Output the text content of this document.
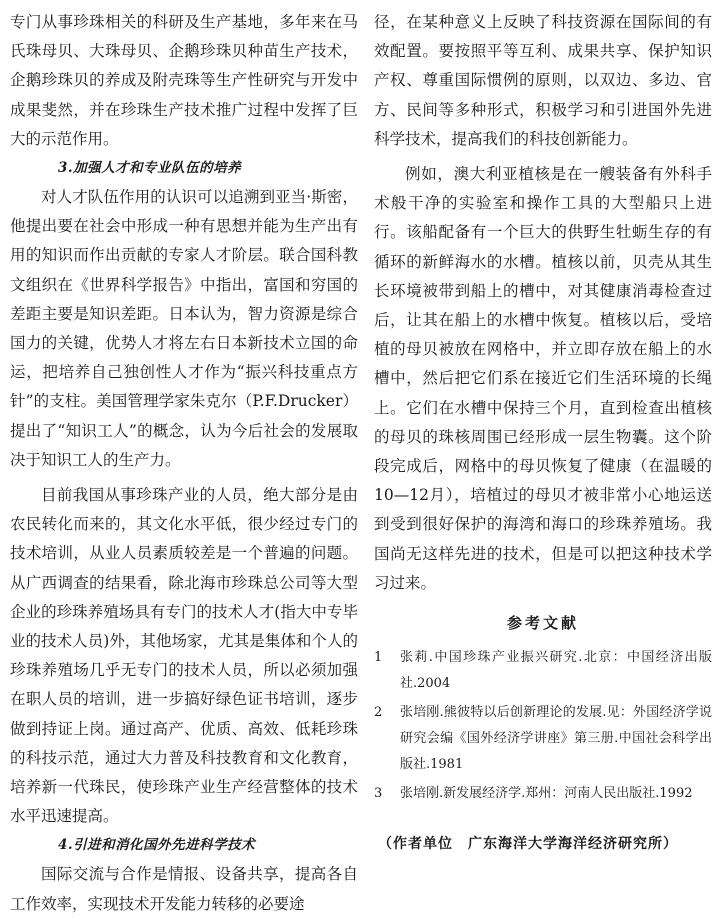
专门从事珍珠相关的科研及生产基地，多年来在马氏珠母贝、大珠母贝、企鹅珍珠贝种苗生产技术，企鹅珍珠贝的养成及附壳珠等生产性研究与开发中成果斐然，并在珍珠生产技术推广过程中发挥了巨大的示范作用。

3.加强人才和专业队伍的培养

对人才队伍作用的认识可以追溯到亚当·斯密，他提出要在社会中形成一种有思想并能为生产出有用的知识而作出贡献的专家人才阶层。联合国科教文组织在《世界科学报告》中指出，富国和穷国的差距主要是知识差距。日本认为，智力资源是综合国力的关键，优势人才将左右日本新技术立国的命运，把培养自己独创性人才作为“振兴科技重点方针”的支柱。美国管理学家朱克尔（P.F.Drucker）提出了“知识工人”的概念，认为今后社会的发展取决于知识工人的生产力。

目前我国从事珍珠产业的人员，绝大部分是由农民转化而来的，其文化水平低，很少经过专门的技术培训，从业人员素质较差是一个普遍的问题。从广西调查的结果看，除北海市珍珠总公司等大型企业的珍珠养殖场具有专门的技术人才(指大中专毕业的技术人员)外，其他场家，尤其是集体和个人的珍珠养殖场几乎无专门的技术人员，所以必须加强在职人员的培训，进一步搞好绿色证书培训，逐步做到持证上岗。通过高产、优质、高效、低耗珍珠的科技示范，通过大力普及科技教育和文化教育，培养新一代珠民，使珍珠产业生产经营整体的技术水平迅速提高。

4.引进和消化国外先进科学技术

国际交流与合作是情报、设备共享，提高各自工作效率，实现技术开发能力转移的必要途

径，在某种意义上反映了科技资源在国际间的有效配置。要按照平等互利、成果共享、保护知识产权、尊重国际惯例的原则，以双边、多边、官方、民间等多种形式，积极学习和引进国外先进科学技术，提高我们的科技创新能力。

例如，澳大利亚植核是在一艘装备有外科手术般干净的实验室和操作工具的大型船只上进行。该船配备有一个巨大的供野生牡蛎生存的有循环的新鲜海水的水槽。植核以前，贝壳从其生长环境被带到船上的槽中，对其健康消毒检查过后，让其在船上的水槽中恢复。植核以后，受培植的母贝被放在网格中，并立即存放在船上的水槽中，然后把它们系在接近它们生活环境的长绳上。它们在水槽中保持三个月，直到检查出植核的母贝的珠核周围已经形成一层生物囊。这个阶段完成后，网格中的母贝恢复了健康（在温暖的10—12月），培植过的母贝才被非常小心地运送到受到很好保护的海湾和海口的珍珠养殖场。我国尚无这样先进的技术，但是可以把这种技术学习过来。

参考文献
1	张莉.中国珍珠产业振兴研究.北京：中国经济出版社.2004
2	张培刚.熊彼特以后创新理论的发展.见：外国经济学说研究会编《国外经济学讲座》第三册.中国社会科学出版社.1981
3	张培刚.新发展经济学.郑州：河南人民出版社.1992
（作者单位　广东海洋大学海洋经济研究所）
